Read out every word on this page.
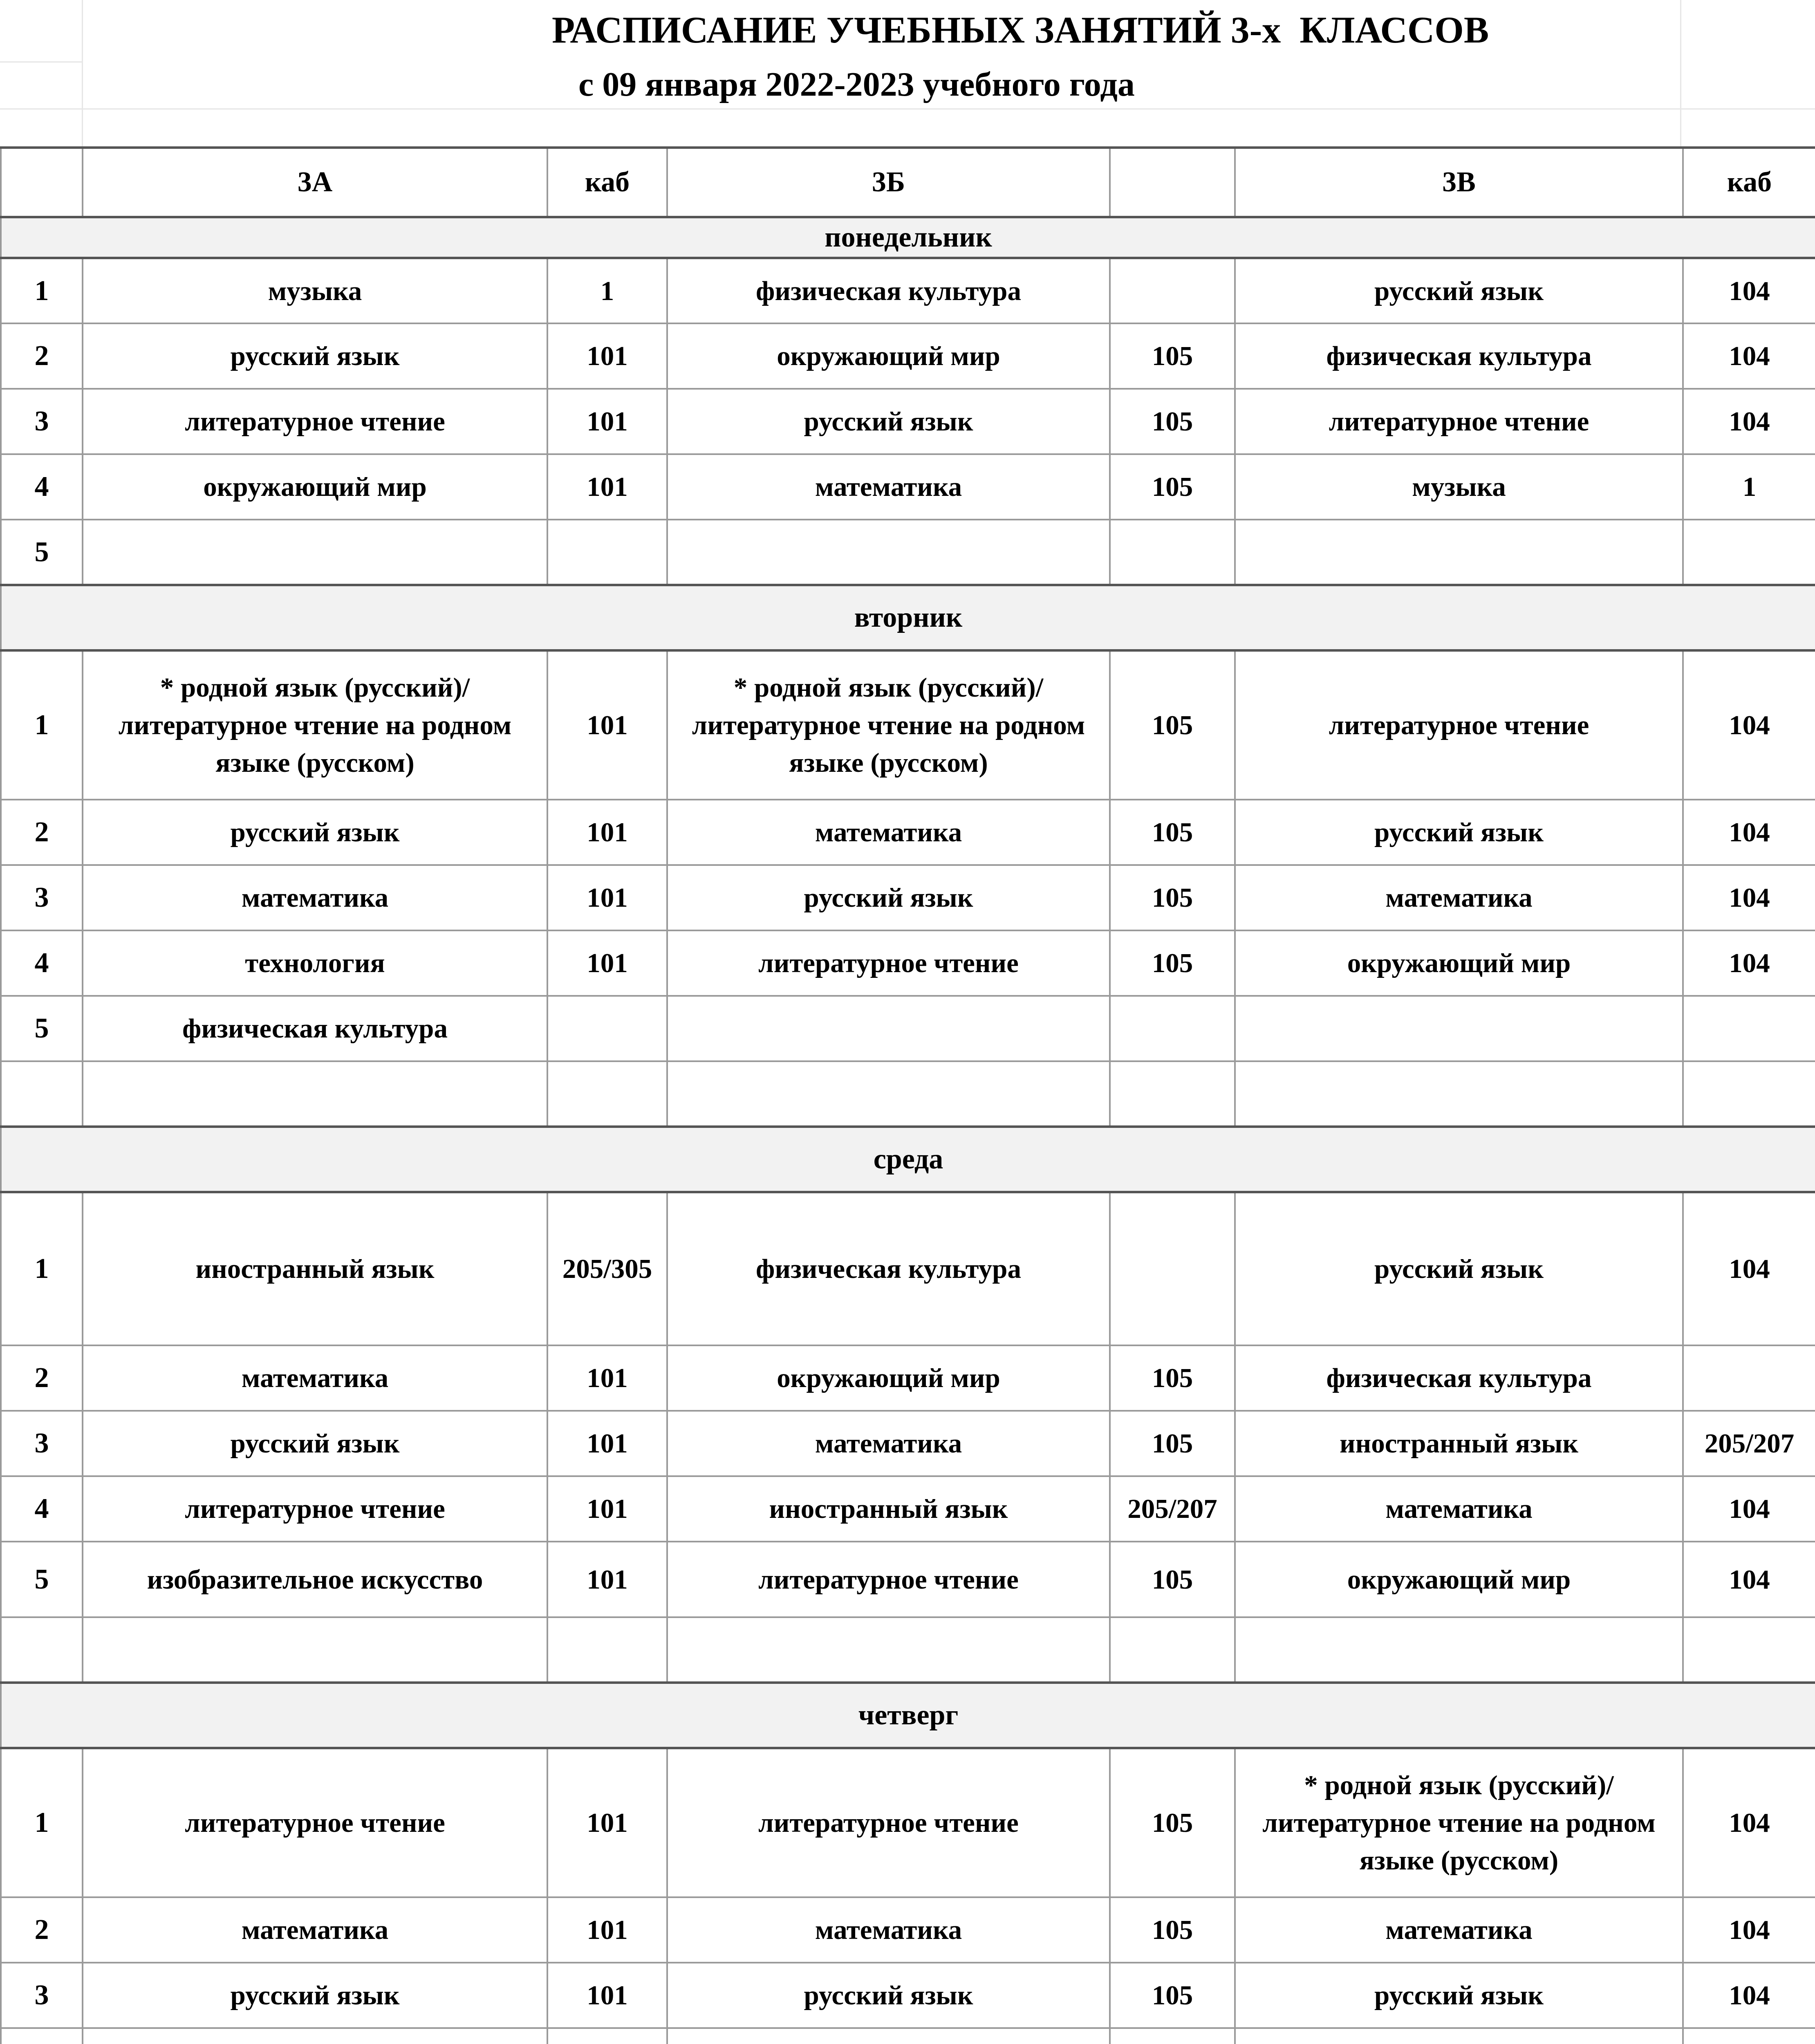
РАСПИСАНИЕ УЧЕБНЫХ ЗАНЯТИЙ 3-х  КЛАССОВ
с 09 января 2022-2023 учебного года
	3А	каб	3Б		3В	каб
понедельник						
1	музыка	1	физическая культура		русский язык	104
2	русский язык	101	окружающий мир	105	физическая культура	104
3	литературное чтение	101	русский язык	105	литературное чтение	104
4	окружающий мир	101	математика	105	музыка	1
5						
вторник						
1	* родной язык (русский)/литературное чтение на родном языке (русском)	101	* родной язык (русский)/литературное чтение на родном языке (русском)	105	литературное чтение	104
2	русский язык	101	математика	105	русский язык	104
3	математика	101	русский язык	105	математика	104
4	технология	101	литературное чтение	105	окружающий мир	104
5	физическая культура					

среда						
1	иностранный язык	205/305	физическая культура		русский язык	104
2	математика	101	окружающий мир	105	физическая культура	
3	русский язык	101	математика	105	иностранный язык	205/207
4	литературное чтение	101	иностранный язык	205/207	математика	104
5	изобразительное искусство	101	литературное чтение	105	окружающий мир	104

четверг						
1	литературное чтение	101	литературное чтение	105	* родной язык (русский)/литературное чтение на родном языке (русском)	104
2	математика	101	математика	105	математика	104
3	русский язык	101	русский язык	105	русский язык	104
